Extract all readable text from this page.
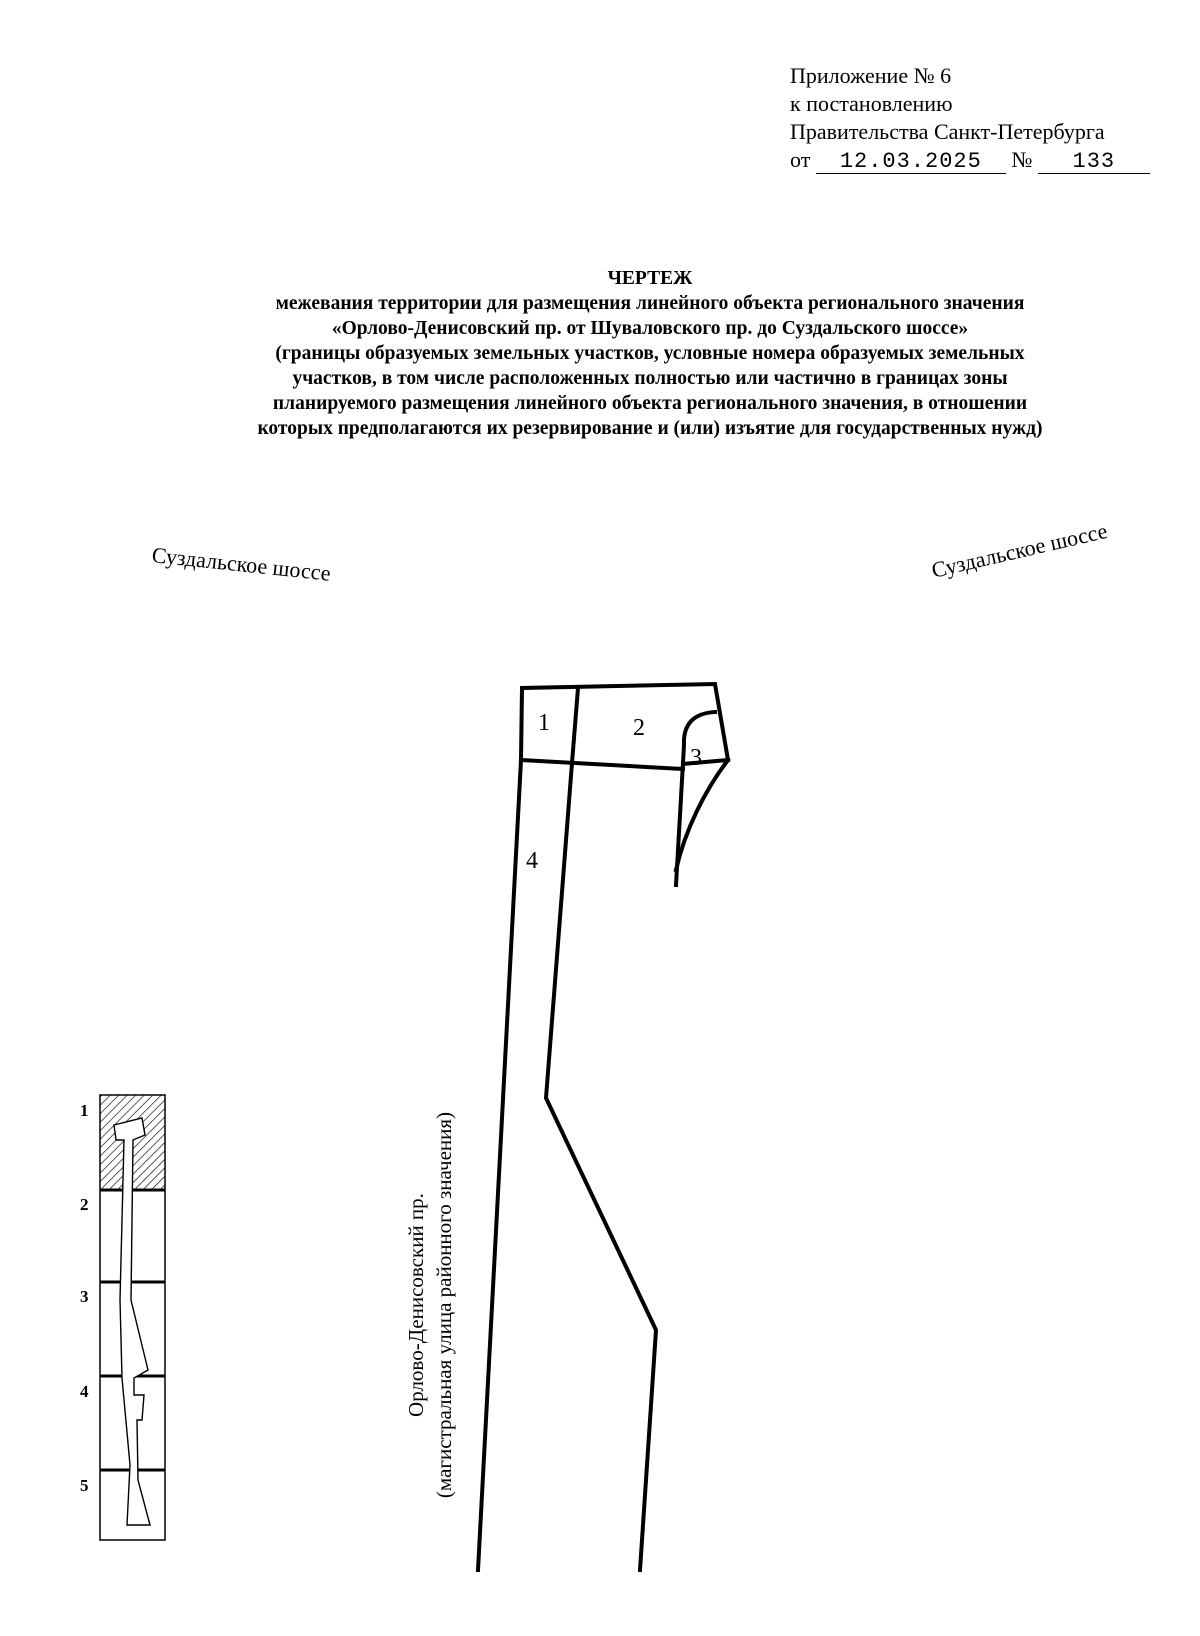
Приложение № 6
к постановлению
Правительства Санкт-Петербурга
от 12.03.2025 № 133
ЧЕРТЕЖ
межевания территории для размещения линейного объекта регионального значения
«Орлово-Денисовский пр. от Шуваловского пр. до Суздальского шоссе»
(границы образуемых земельных участков, условные номера образуемых земельных
участков, в том числе расположенных полностью или частично в границах зоны
планируемого размещения линейного объекта регионального значения, в отношении
которых предполагаются их резервирование и (или) изъятие для государственных нужд)
Суздальское шоссе	Суздальское шоссе
1	2
3
4
1
2
3
4
5
Орлово-Денисовский пр. (магистральная улица районного значения)
